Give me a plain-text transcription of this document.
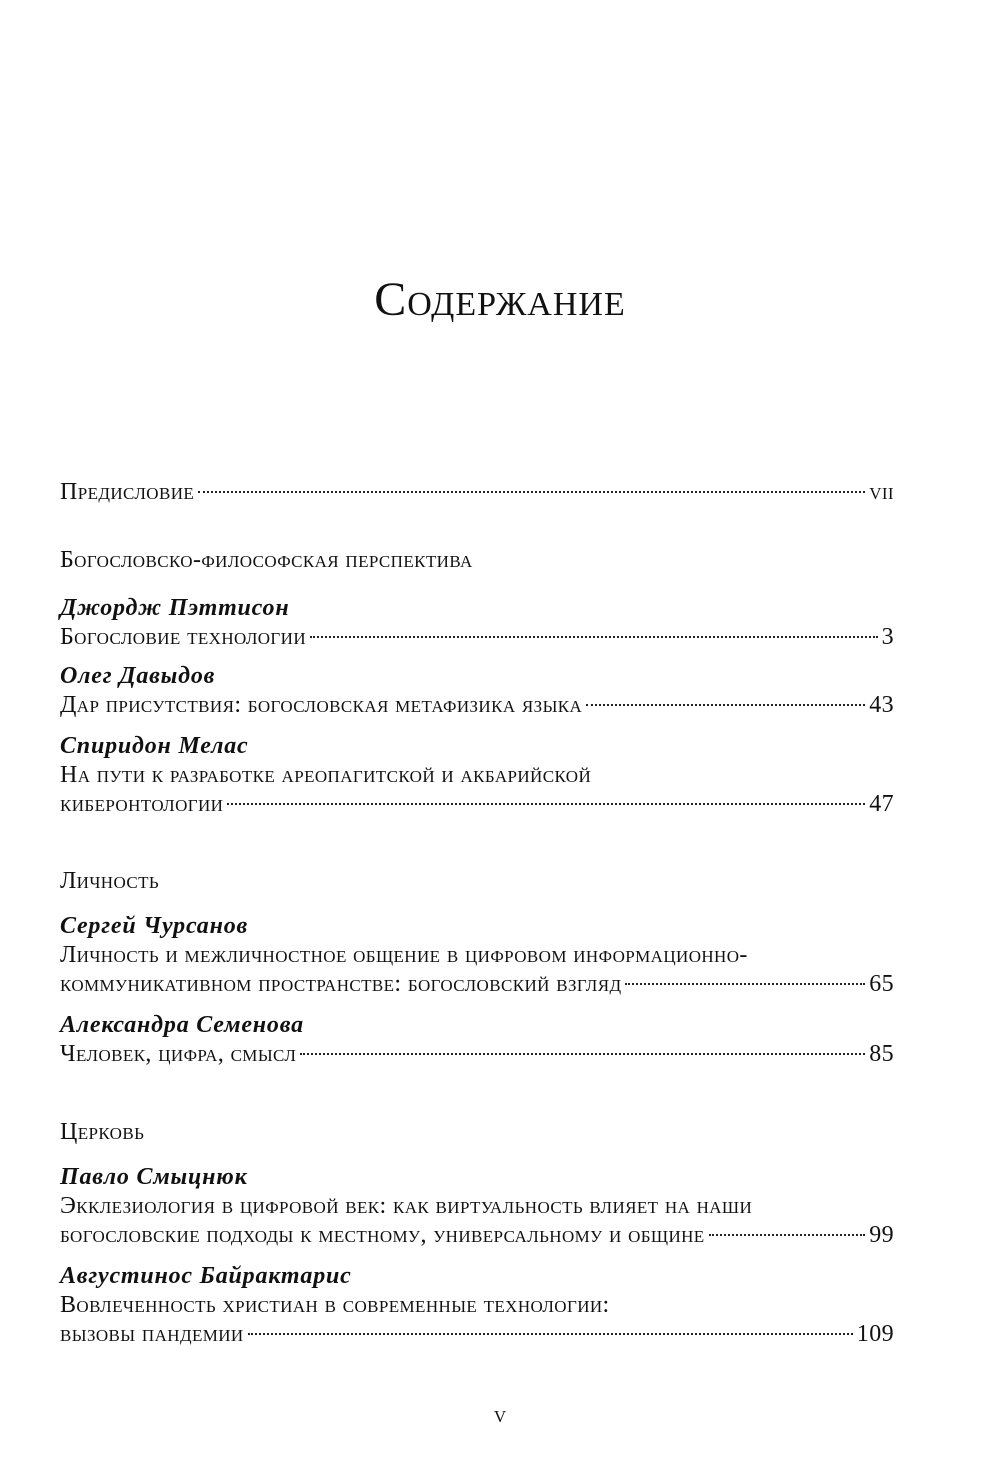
Содержание
Предисловие	vii
Богословско-философская перспектива
Джордж Пэттисон
Богословие технологии	3
Олег Давыдов
Дар присутствия: богословская метафизика языка	43
Спиридон Мелас
На пути к разработке ареопагитской и акбарийской
киберонтологии	47
Личность
Сергей Чурсанов
Личность и межличностное общение в цифровом информационно-
коммуникативном пространстве: богословский взгляд	65
Александра Семенова
Человек, цифра, смысл	85
Церковь
Павло Смыцнюк
Экклезиология в цифровой век: как виртуальность влияет на наши
богословские подходы к местному, универсальному и общине	99
Августинос Байрактарис
Вовлеченность христиан в современные технологии:
вызовы пандемии	109
v
